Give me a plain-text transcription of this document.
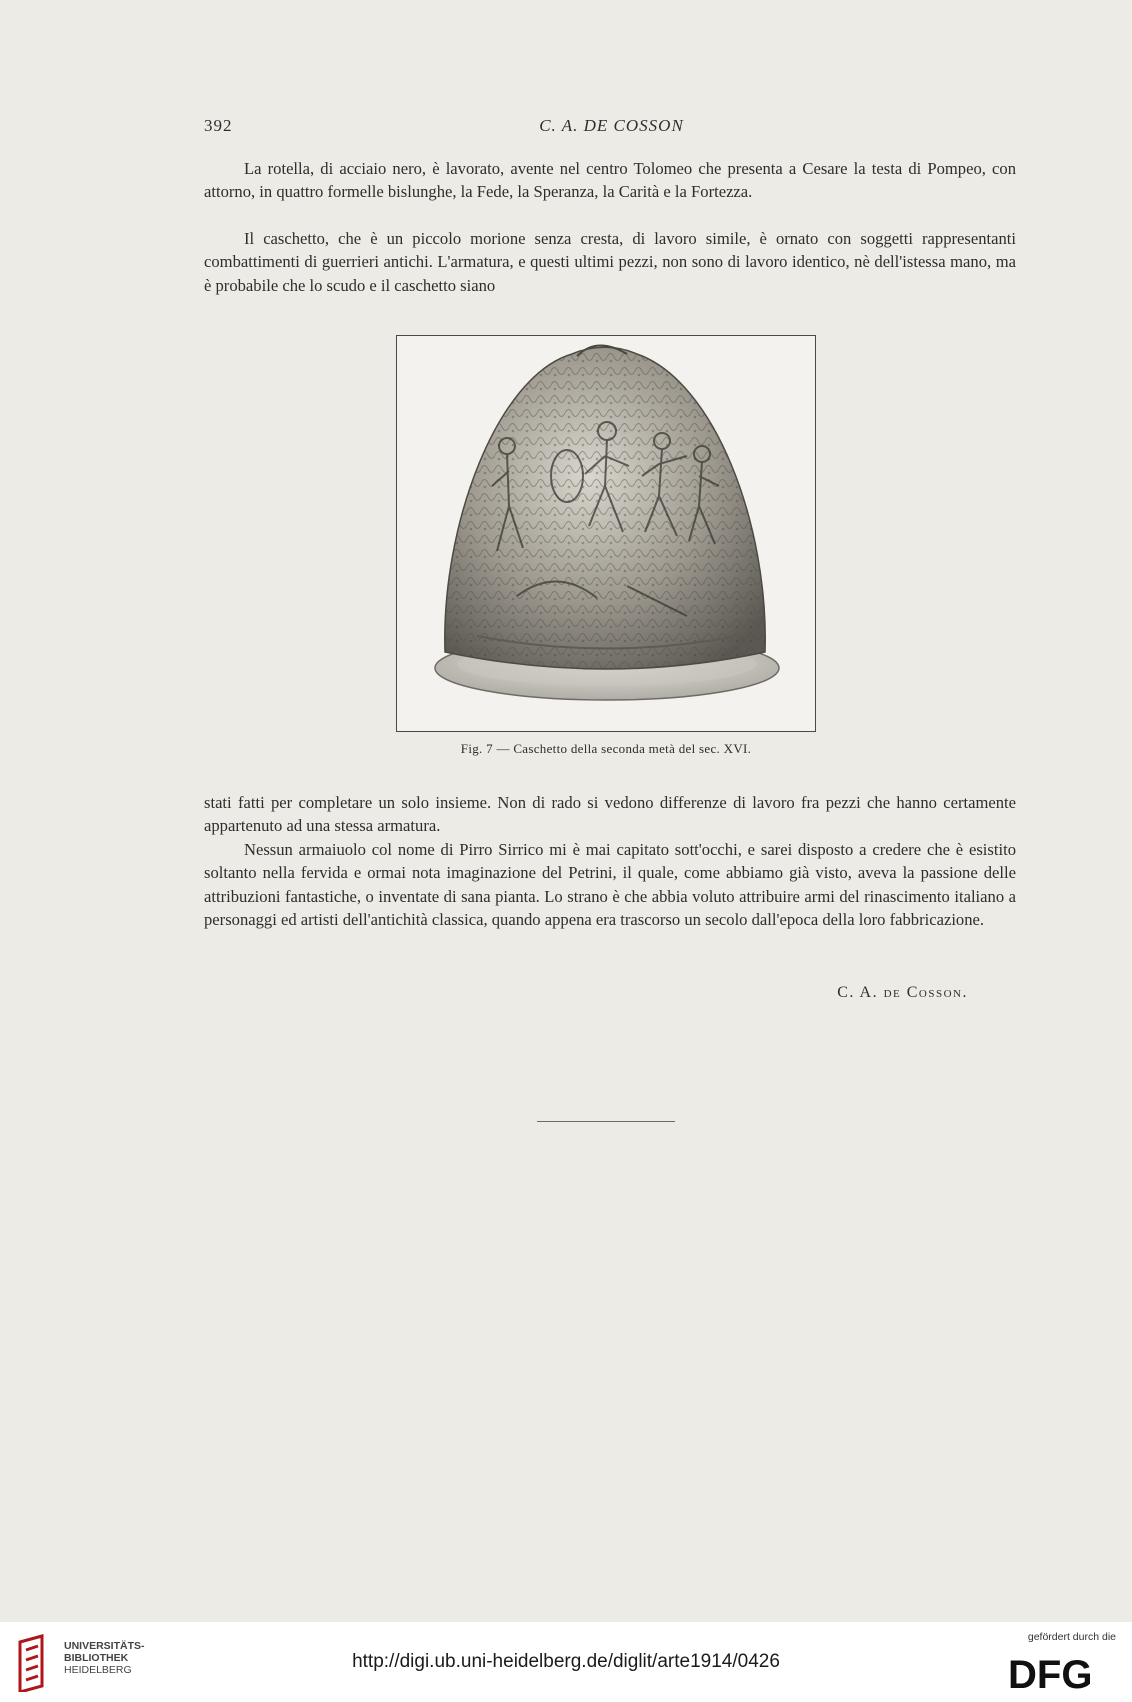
392	C. A. DE COSSON

La rotella, di acciaio nero, è lavorato, avente nel centro Tolomeo che presenta a Cesare la testa di Pompeo, con attorno, in quattro formelle bislunghe, la Fede, la Speranza, la Carità e la Fortezza.

Il caschetto, che è un piccolo morione senza cresta, di lavoro simile, è ornato con soggetti rappresentanti combattimenti di guerrieri antichi. L'armatura, e questi ultimi pezzi, non sono di lavoro identico, nè dell'istessa mano, ma è probabile che lo scudo e il caschetto siano

Fig. 7 — Caschetto della seconda metà del sec. XVI.

stati fatti per completare un solo insieme. Non di rado si vedono differenze di lavoro fra pezzi che hanno certamente appartenuto ad una stessa armatura.

Nessun armaiuolo col nome di Pirro Sirrico mi è mai capitato sott'occhi, e sarei disposto a credere che è esistito soltanto nella fervida e ormai nota imaginazione del Petrini, il quale, come abbiamo già visto, aveva la passione delle attribuzioni fantastiche, o inventate di sana pianta. Lo strano è che abbia voluto attribuire armi del rinascimento italiano a personaggi ed artisti dell'antichità classica, quando appena era trascorso un secolo dall'epoca della loro fabbricazione.

C. A. de Cosson.
UNIVERSITÄTS-
BIBLIOTHEK
HEIDELBERG	http://digi.ub.uni-heidelberg.de/diglit/arte1914/0426
gefördert durch die
DFG
